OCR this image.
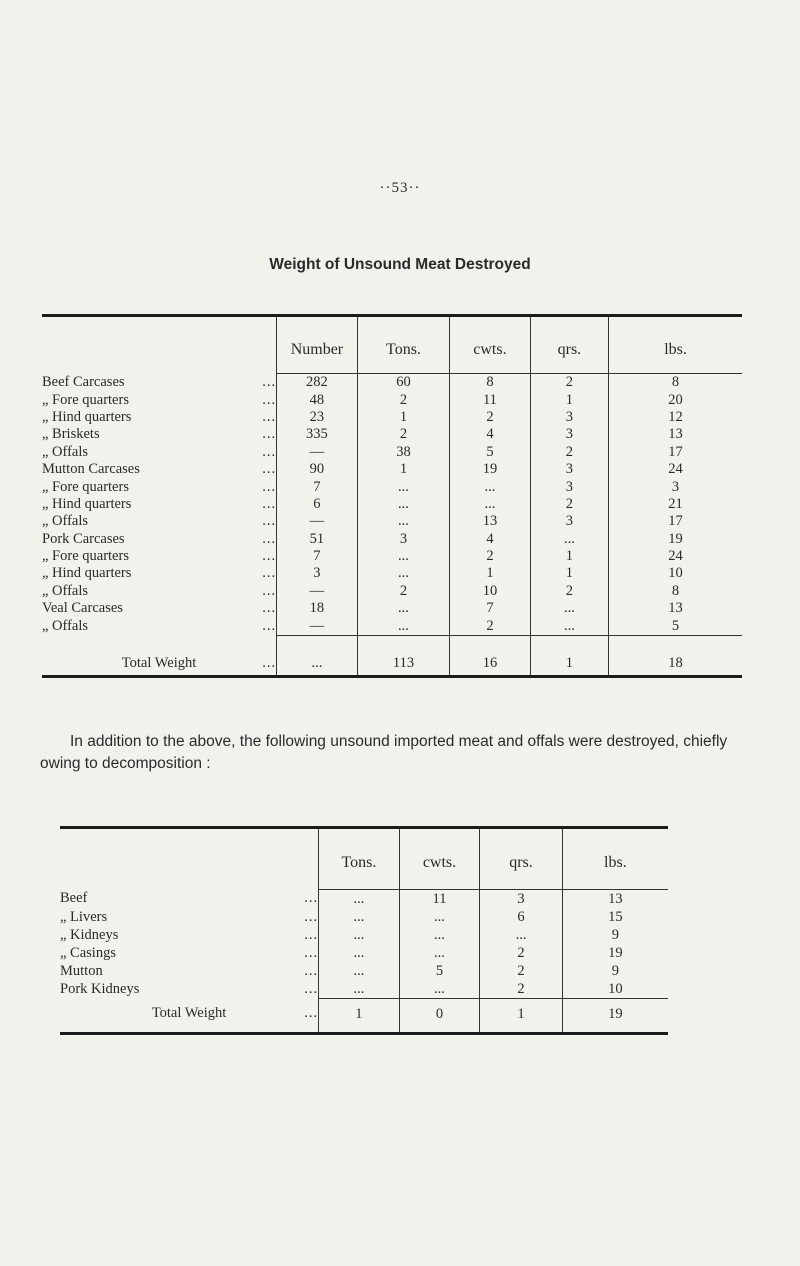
··53··
Weight of Unsound Meat Destroyed
	Number	Tons.	cwts.	qrs.	lbs.

Beef Carcases ...	282	60	8	2	8

„ Fore quarters ...	48	2	11	1	20

„ Hind quarters ...	23	1	2	3	12

„ Briskets ...	335	2	4	3	13

„ Offals ...	—	38	5	2	17

Mutton Carcases ...	90	1	19	3	24

„ Fore quarters ...	7	...	...	3	3

„ Hind quarters ...	6	...	...	2	21

„ Offals ...	—	...	13	3	17

Pork Carcases ...	51	3	4	...	19

„ Fore quarters ...	7	...	2	1	24

„ Hind quarters ...	3	...	1	1	10

„ Offals ...	—	2	10	2	8

Veal Carcases ...	18	...	7	...	13

„ Offals ...	—	...	2	...	5

Total Weight ...	...	113	16	1	18
In addition to the above, the following unsound imported meat and offals were destroyed, chiefly owing to decomposition :
	Tons.	cwts.	qrs.	lbs.

Beef ...	...	11	3	13

„ Livers ...	...	...	6	15

„ Kidneys ...	...	...	...	9

„ Casings ...	...	...	2	19

Mutton ...	...	5	2	9

Pork Kidneys ...	...	...	2	10

Total Weight ...	1	0	1	19
